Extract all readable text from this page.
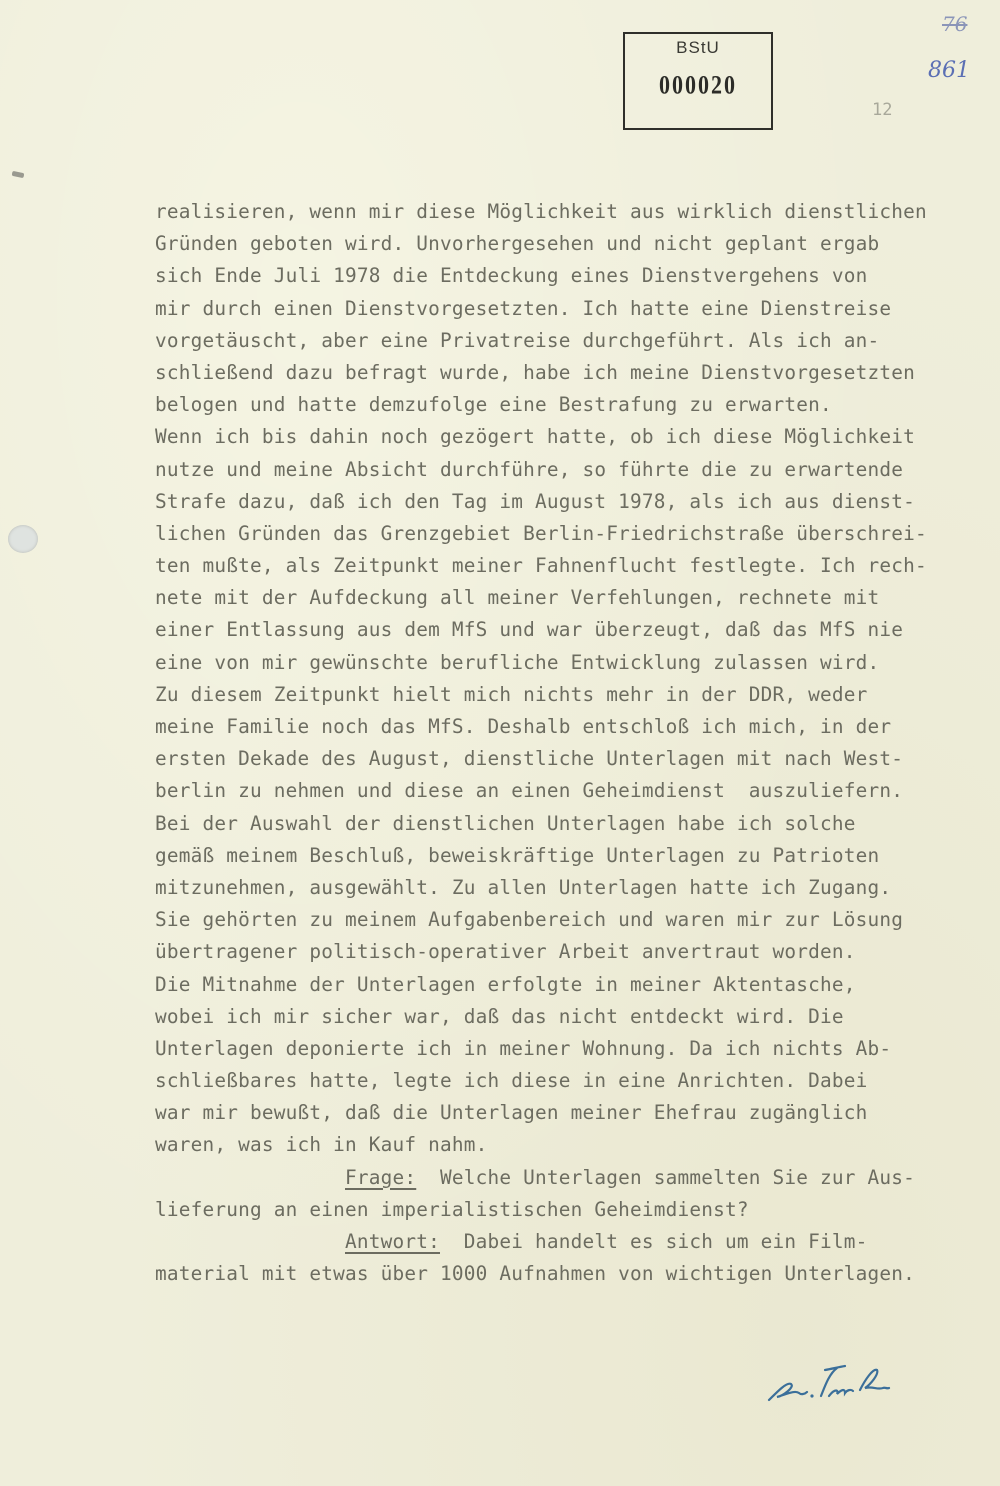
BStU
000020
76
861
12
realisieren, wenn mir diese Möglichkeit aus wirklich dienstlichen
Gründen geboten wird. Unvorhergesehen und nicht geplant ergab
sich Ende Juli 1978 die Entdeckung eines Dienstvergehens von
mir durch einen Dienstvorgesetzten. Ich hatte eine Dienstreise
vorgetäuscht, aber eine Privatreise durchgeführt. Als ich an-
schließend dazu befragt wurde, habe ich meine Dienstvorgesetzten
belogen und hatte demzufolge eine Bestrafung zu erwarten.
Wenn ich bis dahin noch gezögert hatte, ob ich diese Möglichkeit
nutze und meine Absicht durchführe, so führte die zu erwartende
Strafe dazu, daß ich den Tag im August 1978, als ich aus dienst-
lichen Gründen das Grenzgebiet Berlin-Friedrichstraße überschrei-
ten mußte, als Zeitpunkt meiner Fahnenflucht festlegte. Ich rech-
nete mit der Aufdeckung all meiner Verfehlungen, rechnete mit
einer Entlassung aus dem MfS und war überzeugt, daß das MfS nie
eine von mir gewünschte berufliche Entwicklung zulassen wird.
Zu diesem Zeitpunkt hielt mich nichts mehr in der DDR, weder
meine Familie noch das MfS. Deshalb entschloß ich mich, in der
ersten Dekade des August, dienstliche Unterlagen mit nach West-
berlin zu nehmen und diese an einen Geheimdienst  auszuliefern.
Bei der Auswahl der dienstlichen Unterlagen habe ich solche
gemäß meinem Beschluß, beweiskräftige Unterlagen zu Patrioten
mitzunehmen, ausgewählt. Zu allen Unterlagen hatte ich Zugang.
Sie gehörten zu meinem Aufgabenbereich und waren mir zur Lösung
übertragener politisch-operativer Arbeit anvertraut worden.
Die Mitnahme der Unterlagen erfolgte in meiner Aktentasche,
wobei ich mir sicher war, daß das nicht entdeckt wird. Die
Unterlagen deponierte ich in meiner Wohnung. Da ich nichts Ab-
schließbares hatte, legte ich diese in eine Anrichten. Dabei
war mir bewußt, daß die Unterlagen meiner Ehefrau zugänglich
waren, was ich in Kauf nahm.
Frage:  Welche Unterlagen sammelten Sie zur Aus-
lieferung an einen imperialistischen Geheimdienst?
Antwort:  Dabei handelt es sich um ein Film-
material mit etwas über 1000 Aufnahmen von wichtigen Unterlagen.
